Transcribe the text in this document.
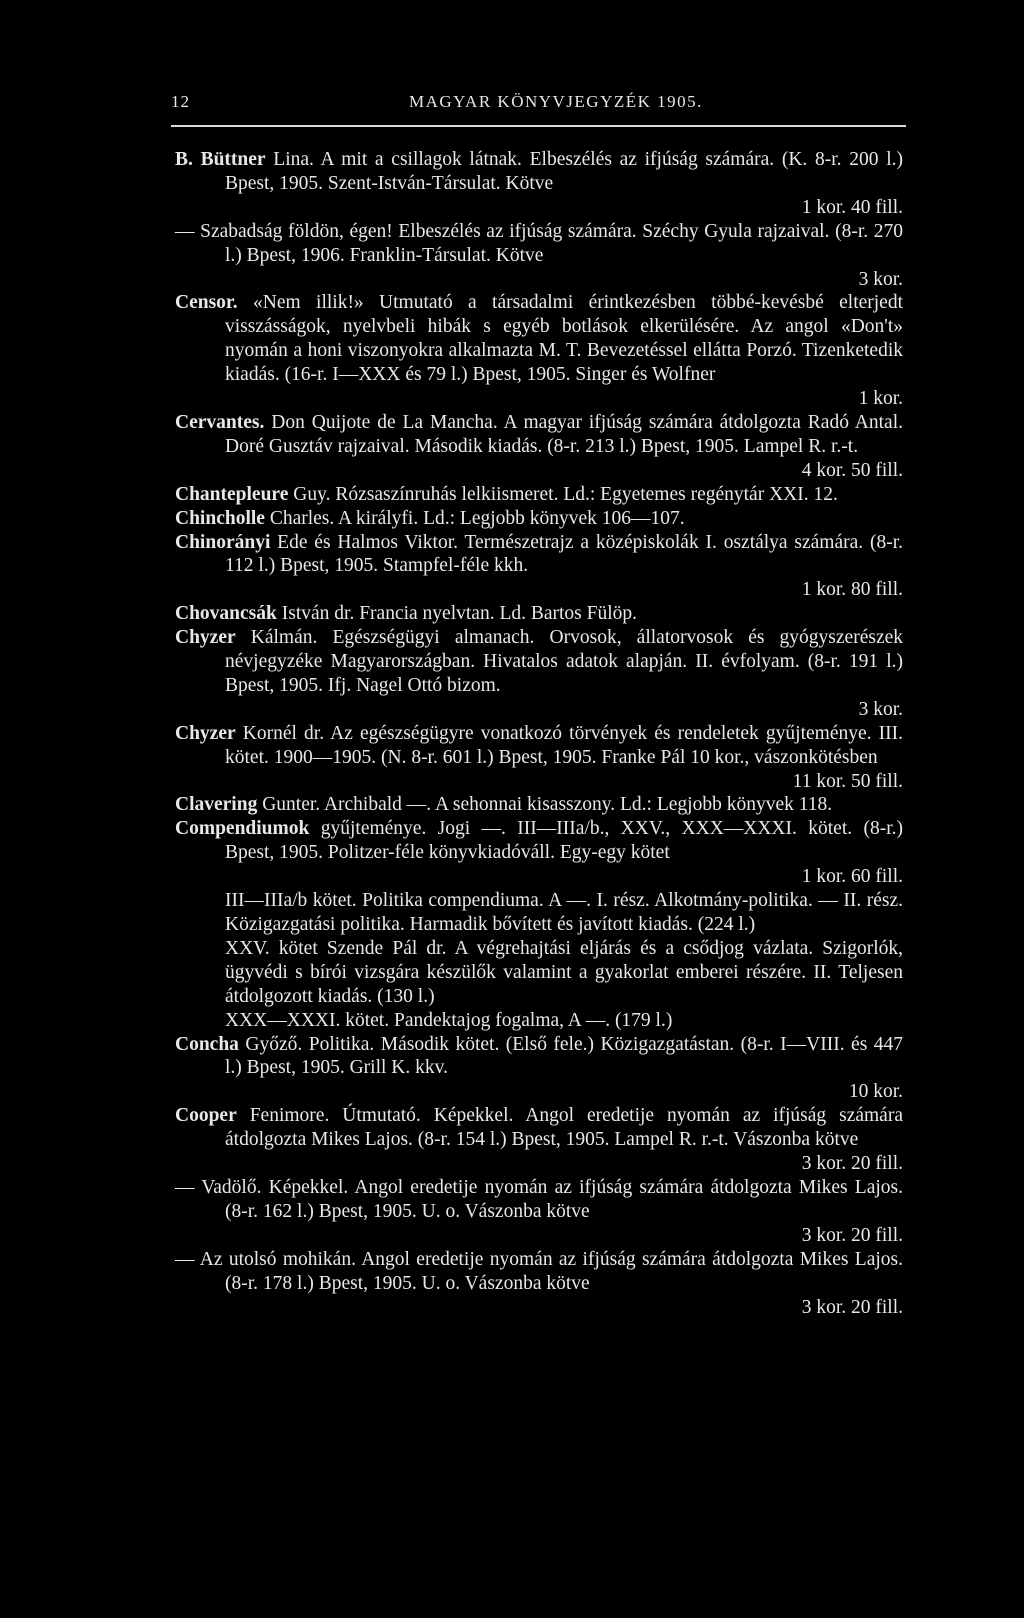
12	MAGYAR KÖNYVJEGYZÉK 1905.

B. Büttner Lina. A mit a csillagok látnak. Elbeszélés az ifjúság számára. (K. 8-r. 200 l.) Bpest, 1905. Szent-István-Társulat. Kötve
1 kor. 40 fill.

— Szabadság földön, égen! Elbeszélés az ifjúság számára. Széchy Gyula rajzaival. (8-r. 270 l.) Bpest, 1906. Franklin-Társulat. Kötve
3 kor.

Censor. «Nem illik!» Utmutató a társadalmi érintkezésben többé-kevésbé elterjedt visszásságok, nyelvbeli hibák s egyéb botlások elkerülésére. Az angol «Don't» nyomán a honi viszonyokra alkalmazta M. T. Bevezetéssel ellátta Porzó. Tizenketedik kiadás. (16-r. I—XXX és 79 l.) Bpest, 1905. Singer és Wolfner
1 kor.

Cervantes. Don Quijote de La Mancha. A magyar ifjúság számára átdolgozta Radó Antal. Doré Gusztáv rajzaival. Második kiadás. (8-r. 213 l.) Bpest, 1905. Lampel R. r.-t.
4 kor. 50 fill.

Chantepleure Guy. Rózsaszínruhás lelkiismeret. Ld.: Egyetemes regénytár XXI. 12.

Chincholle Charles. A királyfi. Ld.: Legjobb könyvek 106—107.

Chinorányi Ede és Halmos Viktor. Természetrajz a középiskolák I. osztálya számára. (8-r. 112 l.) Bpest, 1905. Stampfel-féle kkh.
1 kor. 80 fill.

Chovancsák István dr. Francia nyelvtan. Ld. Bartos Fülöp.

Chyzer Kálmán. Egészségügyi almanach. Orvosok, állatorvosok és gyógyszerészek névjegyzéke Magyarországban. Hivatalos adatok alapján. II. évfolyam. (8-r. 191 l.) Bpest, 1905. Ifj. Nagel Ottó bizom.
3 kor.

Chyzer Kornél dr. Az egészségügyre vonatkozó törvények és rendeletek gyűjteménye. III. kötet. 1900—1905. (N. 8-r. 601 l.) Bpest, 1905. Franke Pál 10 kor., vászonkötésben
11 kor. 50 fill.

Clavering Gunter. Archibald —. A sehonnai kisasszony. Ld.: Legjobb könyvek 118.

Compendiumok gyűjteménye. Jogi —. III—IIIa/b., XXV., XXX—XXXI. kötet. (8-r.) Bpest, 1905. Politzer-féle könyvkiadóváll. Egy-egy kötet
1 kor. 60 fill.

III—IIIa/b kötet. Politika compendiuma. A —. I. rész. Alkotmány-politika. — II. rész. Közigazgatási politika. Harmadik bővített és javított kiadás. (224 l.)

XXV. kötet Szende Pál dr. A végrehajtási eljárás és a csődjog vázlata. Szigorlók, ügyvédi s bírói vizsgára készülők valamint a gyakorlat emberei részére. II. Teljesen átdolgozott kiadás. (130 l.)

XXX—XXXI. kötet. Pandektajog fogalma, A —. (179 l.)

Concha Győző. Politika. Második kötet. (Első fele.) Közigazgatástan. (8-r. I—VIII. és 447 l.) Bpest, 1905. Grill K. kkv.
10 kor.

Cooper Fenimore. Útmutató. Képekkel. Angol eredetije nyomán az ifjúság számára átdolgozta Mikes Lajos. (8-r. 154 l.) Bpest, 1905. Lampel R. r.-t. Vászonba kötve
3 kor. 20 fill.

— Vadölő. Képekkel. Angol eredetije nyomán az ifjúság számára átdolgozta Mikes Lajos. (8-r. 162 l.) Bpest, 1905. U. o. Vászonba kötve
3 kor. 20 fill.

— Az utolsó mohikán. Angol eredetije nyomán az ifjúság számára átdolgozta Mikes Lajos. (8-r. 178 l.) Bpest, 1905. U. o. Vászonba kötve
3 kor. 20 fill.
